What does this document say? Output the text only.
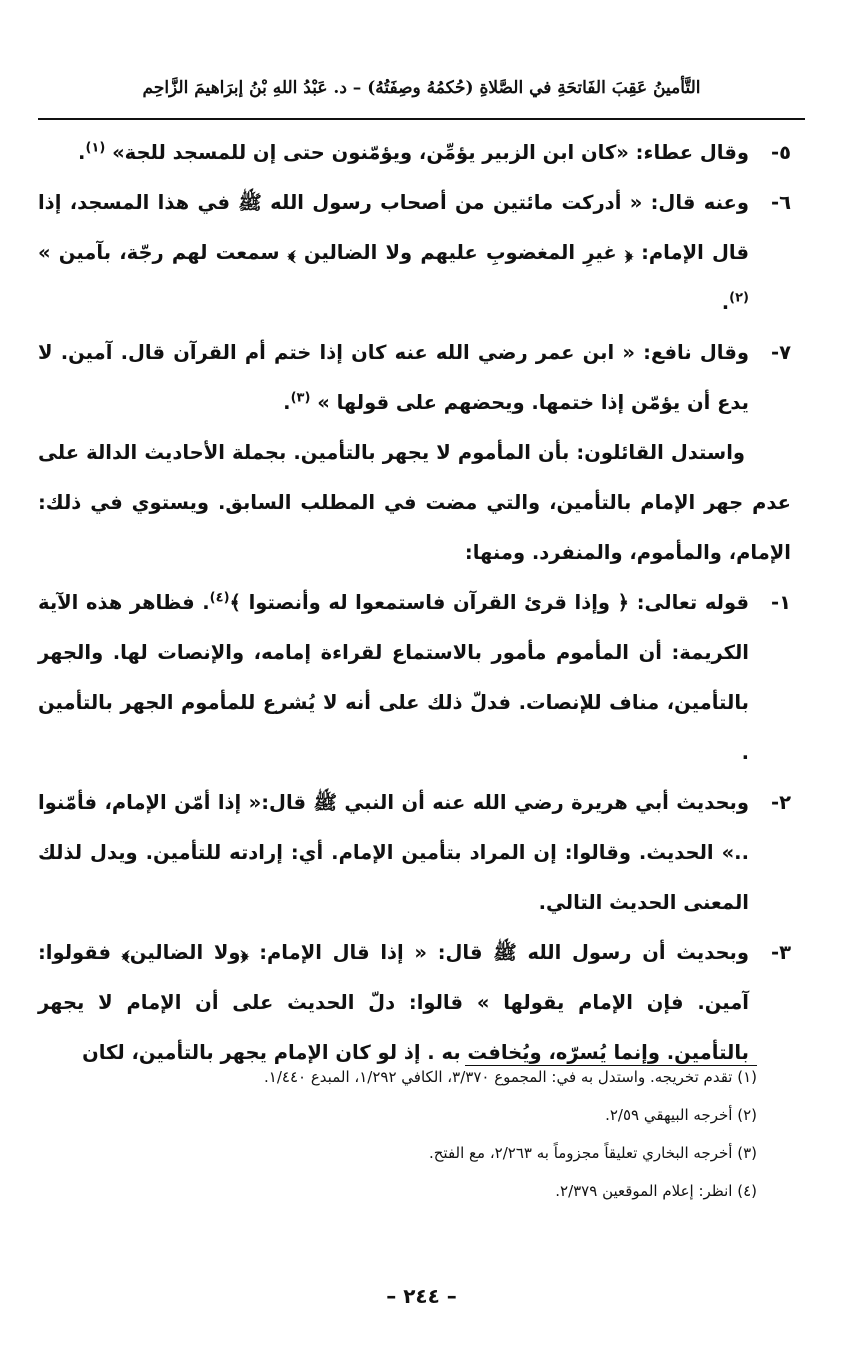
التَّأمينُ عَقِبَ الفَاتحَةِ في الصَّلاةِ (حُكمُهُ وصِفَتُهُ) – د. عَبْدُ اللهِ بْنُ إبرَاهيمَ الزَّاحِم
٥-
وقال عطاء: «كان ابن الزبير يؤمِّن، ويؤمّنون حتى إن للمسجد للجة» $^{(١)}$.
٦-
وعنه قال: « أدركت مائتين من أصحاب رسول الله ﷺ في هذا المسجد، إذا قال الإمام: ﴿ غيرِ المغضوبِ عليهم ولا الضالين ﴾ سمعت لهم رجّة، بآمين » $^{(٢)}$.
٧-
وقال نافع: « ابن عمر رضي الله عنه كان إذا ختم أم القرآن قال. آمين. لا يدع أن يؤمّن إذا ختمها. ويحضهم على قولها » $^{(٣)}$.

واستدل القائلون: بأن المأموم لا يجهر بالتأمين. بجملة الأحاديث الدالة على عدم جهر الإمام بالتأمين، والتي مضت في المطلب السابق. ويستوي في ذلك: الإمام، والمأموم، والمنفرد. ومنها:

١-
قوله تعالى: ﴿ وإذا قرئ القرآن فاستمعوا له وأنصتوا ﴾$^{(٤)}$. فظاهر هذه الآية الكريمة: أن المأموم مأمور بالاستماع لقراءة إمامه، والإنصات لها. والجهر بالتأمين، مناف للإنصات. فدلّ ذلك على أنه لا يُشرع للمأموم الجهر بالتأمين .
٢-
وبحديث أبي هريرة رضي الله عنه أن النبي ﷺ قال:« إذا أمّن الإمام، فأمّنوا ..» الحديث. وقالوا: إن المراد بتأمين الإمام. أي: إرادته للتأمين. ويدل لذلك المعنى الحديث التالي.
٣-
وبحديث أن رسول الله ﷺ قال: « إذا قال الإمام: ﴿ولا الضالين﴾ فقولوا: آمين. فإن الإمام يقولها » قالوا: دلّ الحديث على أن الإمام لا يجهر بالتأمين. وإنما يُسرّه، ويُخافت به . إذ لو كان الإمام يجهر بالتأمين، لكان
(١) تقدم تخريجه. واستدل به في: المجموع ٣/٣٧٠، الكافي ١/٢٩٢، المبدع ١/٤٤٠.
(٢) أخرجه البيهقي ٢/٥٩.
(٣) أخرجه البخاري تعليقاً مجزوماً به ٢/٢٦٣، مع الفتح.
(٤) انظر: إعلام الموقعين ٢/٣٧٩.
– ٢٤٤ –
